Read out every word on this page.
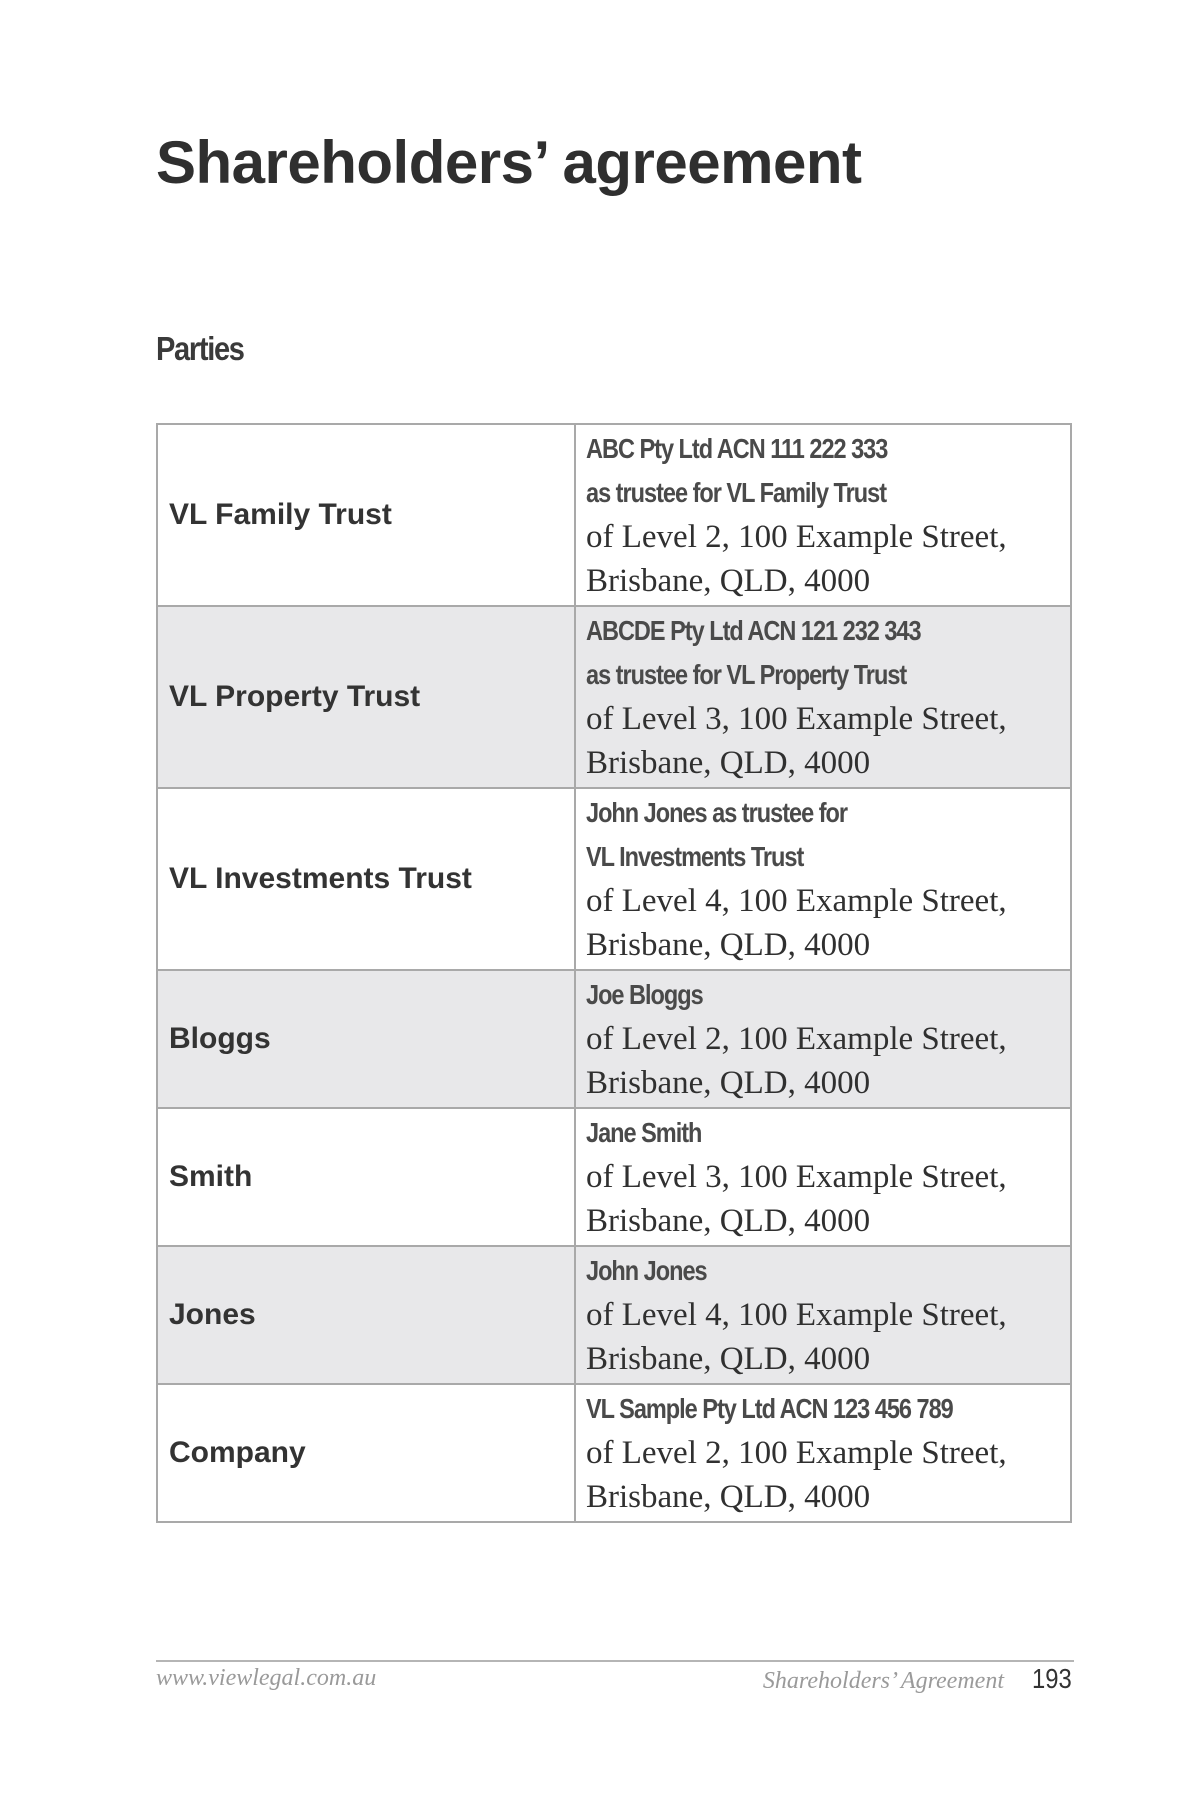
Shareholders’ agreement
Parties
VL Family Trust	ABC Pty Ltd ACN 111 222 333
as trustee for VL Family Trust
of Level 2, 100 Example Street,
Brisbane, QLD, 4000

VL Property Trust	ABCDE Pty Ltd ACN 121 232 343
as trustee for VL Property Trust
of Level 3, 100 Example Street,
Brisbane, QLD, 4000

VL Investments Trust	John Jones as trustee for
VL Investments Trust
of Level 4, 100 Example Street,
Brisbane, QLD, 4000

Bloggs	Joe Bloggs
of Level 2, 100 Example Street,
Brisbane, QLD, 4000

Smith	Jane Smith
of Level 3, 100 Example Street,
Brisbane, QLD, 4000

Jones	John Jones
of Level 4, 100 Example Street,
Brisbane, QLD, 4000

Company	VL Sample Pty Ltd ACN 123 456 789
of Level 2, 100 Example Street,
Brisbane, QLD, 4000
www.viewlegal.com.au	Shareholders’ Agreement 193
